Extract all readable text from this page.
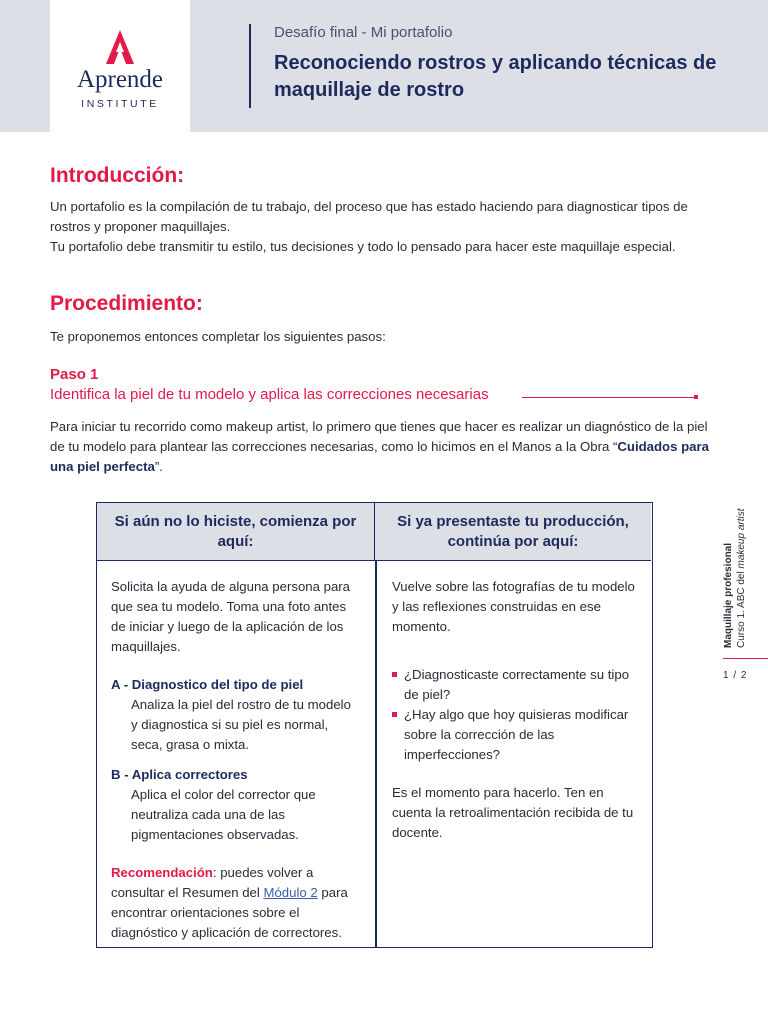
Aprende
INSTITUTE
Desafío final - Mi portafolio
Reconociendo rostros y aplicando técnicas de maquillaje de rostro
Introducción:

Un portafolio es la compilación de tu trabajo, del proceso que has estado haciendo para diagnosticar tipos de rostros y proponer maquillajes.

Tu portafolio debe transmitir tu estilo, tus decisiones y todo lo pensado para hacer este maquillaje especial.

Procedimiento:
Te proponemos entonces completar los siguientes pasos:
Paso 1
Identifica la piel de tu modelo y aplica las correcciones necesarias

Para iniciar tu recorrido como makeup artist, lo primero que tienes que hacer es realizar un diagnóstico de la piel de tu modelo para plantear las correcciones necesarias, como lo hicimos en el Manos a la Obra “Cuidados para una piel perfecta”.

Si aún no lo hiciste, comienza por aquí:
Si ya presentaste tu producción, continúa por aquí:

Solicita la ayuda de alguna persona para que sea tu modelo. Toma una foto antes de iniciar y luego de la aplicación de los maquillajes.

A - Diagnostico del tipo de piel

Analiza la piel del rostro de tu modelo y diagnostica si su piel es normal, seca, grasa o mixta.

B - Aplica correctores

Aplica el color del corrector que neutraliza cada una de las pigmentaciones observadas.

Recomendación: puedes volver a consultar el Resumen del Módulo 2 para encontrar orientaciones sobre el diagnóstico y aplicación de correctores.

Vuelve sobre las fotografías de tu modelo y las reflexiones construidas en ese momento.

¿Diagnosticaste correctamente su tipo de piel?

¿Hay algo que hoy quisieras modificar sobre la corrección de las imperfecciones?

Es el momento para hacerlo. Ten en cuenta la retroalimentación recibida de tu docente.

Maquillaje profesional Curso 1. ABC del makeup artist
1 / 2
